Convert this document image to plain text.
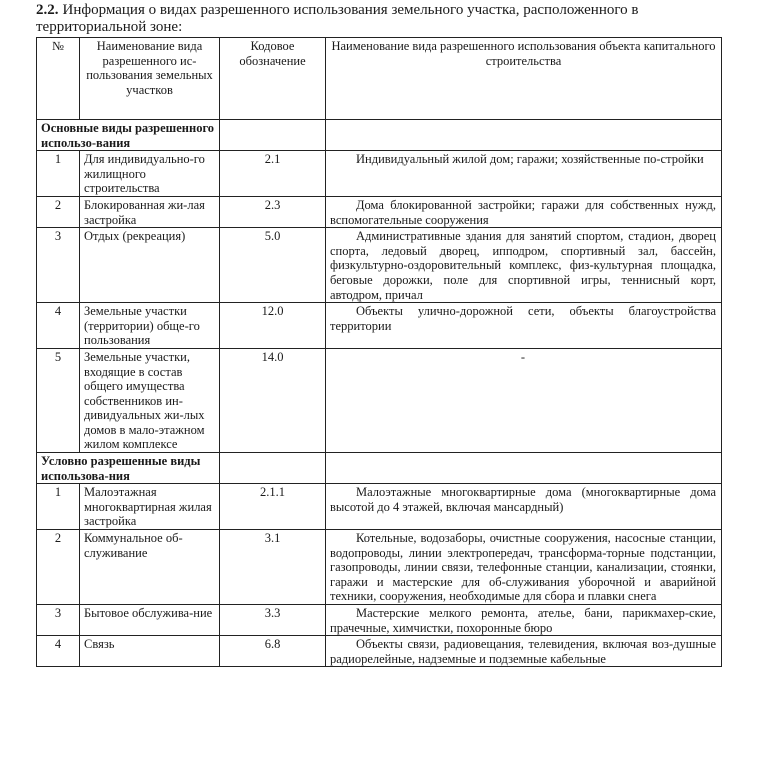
2.2. Информация о видах разрешенного использования земельного участка, расположенного в территориальной зоне:
№	Наименование вида разрешенного ис-пользования земельных участков	Кодовое обозначение	Наименование вида разрешенного использования объекта капитального строительства
Основные виды разрешенного использо-вания			
1	Для индивидуально-го жилищного строительства	2.1	Индивидуальный жилой дом; гаражи; хозяйственные по-стройки
2	Блокированная жи-лая застройка	2.3	Дома блокированной застройки; гаражи для собственных нужд, вспомогательные сооружения
3	Отдых (рекреация)	5.0	Административные здания для занятий спортом, стадион, дворец спорта, ледовый дворец, ипподром, спортивный зал, бассейн, физкультурно-оздоровительный комплекс, физ-культурная площадка, беговые дорожки, поле для спортивной игры, теннисный корт, автодром, причал
4	Земельные участки (территории) обще-го пользования	12.0	Объекты улично-дорожной сети, объекты благоустройства территории
5	Земельные участки, входящие в состав общего имущества собственников ин-дивидуальных жи-лых домов в мало-этажном жилом комплексе	14.0	-
Условно разрешенные виды использова-ния			
1	Малоэтажная многоквартирная жилая застройка	2.1.1	Малоэтажные многоквартирные дома (многоквартирные дома высотой до 4 этажей, включая мансардный)
2	Коммунальное об-служивание	3.1	Котельные, водозаборы, очистные сооружения, насосные станции, водопроводы, линии электропередач, трансформа-торные подстанции, газопроводы, линии связи, телефонные станции, канализации, стоянки, гаражи и мастерские для об-служивания уборочной и аварийной техники, сооружения, необходимые для сбора и плавки снега
3	Бытовое обслужива-ние	3.3	Мастерские мелкого ремонта, ателье, бани, парикмахер-ские, прачечные, химчистки, похоронные бюро
4	Связь	6.8	Объекты связи, радиовещания, телевидения, включая воз-душные радиорелейные, надземные и подземные кабельные
